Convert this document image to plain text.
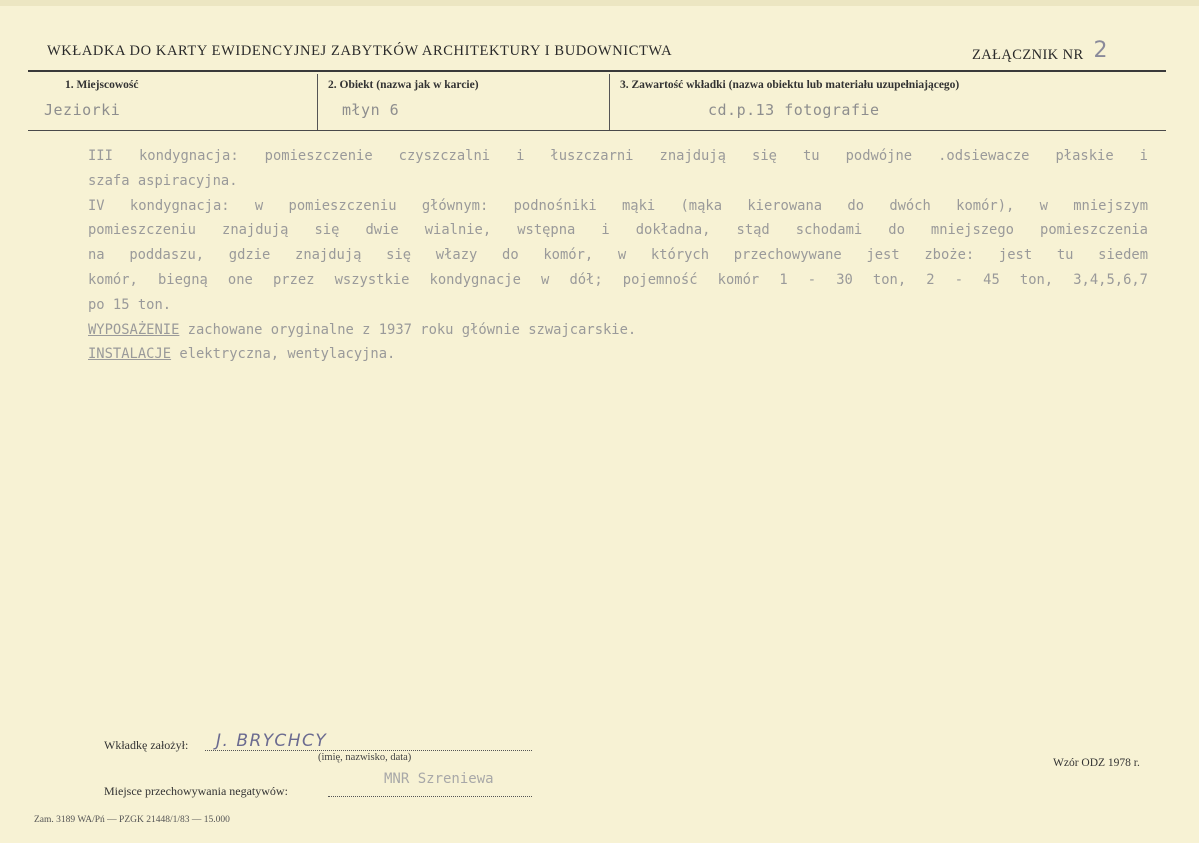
WKŁADKA DO KARTY EWIDENCYJNEJ ZABYTKÓW ARCHITEKTURY I BUDOWNICTWA	ZAŁĄCZNIK NR 2
1. Miejscowość
Jeziorki
2. Obiekt (nazwa jak w karcie)
młyn 6
3. Zawartość wkładki (nazwa obiektu lub materiału uzupełniającego)
cd.p.13 fotografie
III kondygnacja: pomieszczenie czyszczalni i łuszczarni znajdują się tu podwójne .odsiewacze płaskie i
szafa aspiracyjna.
IV kondygnacja: w pomieszczeniu głównym: podnośniki mąki (mąka kierowana do dwóch komór), w mniejszym
pomieszczeniu znajdują się dwie wialnie, wstępna i dokładna, stąd schodami do mniejszego pomieszczenia
na poddaszu, gdzie znajdują się włazy do komór, w których przechowywane jest zboże: jest tu siedem
komór, biegną one przez wszystkie kondygnacje w dół; pojemność komór 1 - 30 ton, 2 - 45 ton, 3,4,5,6,7
po 15 ton.
WYPOSAŻENIE zachowane oryginalne z 1937 roku głównie szwajcarskie.
INSTALACJE elektryczna, wentylacyjna.
Wkładkę założył: J. BRYCHCY
(imię, nazwisko, data)
Miejsce przechowywania negatywów:
MNR Szreniewa
Wzór ODZ 1978 r.
Zam. 3189 WA/Pń — PZGK 21448/1/83 — 15.000
